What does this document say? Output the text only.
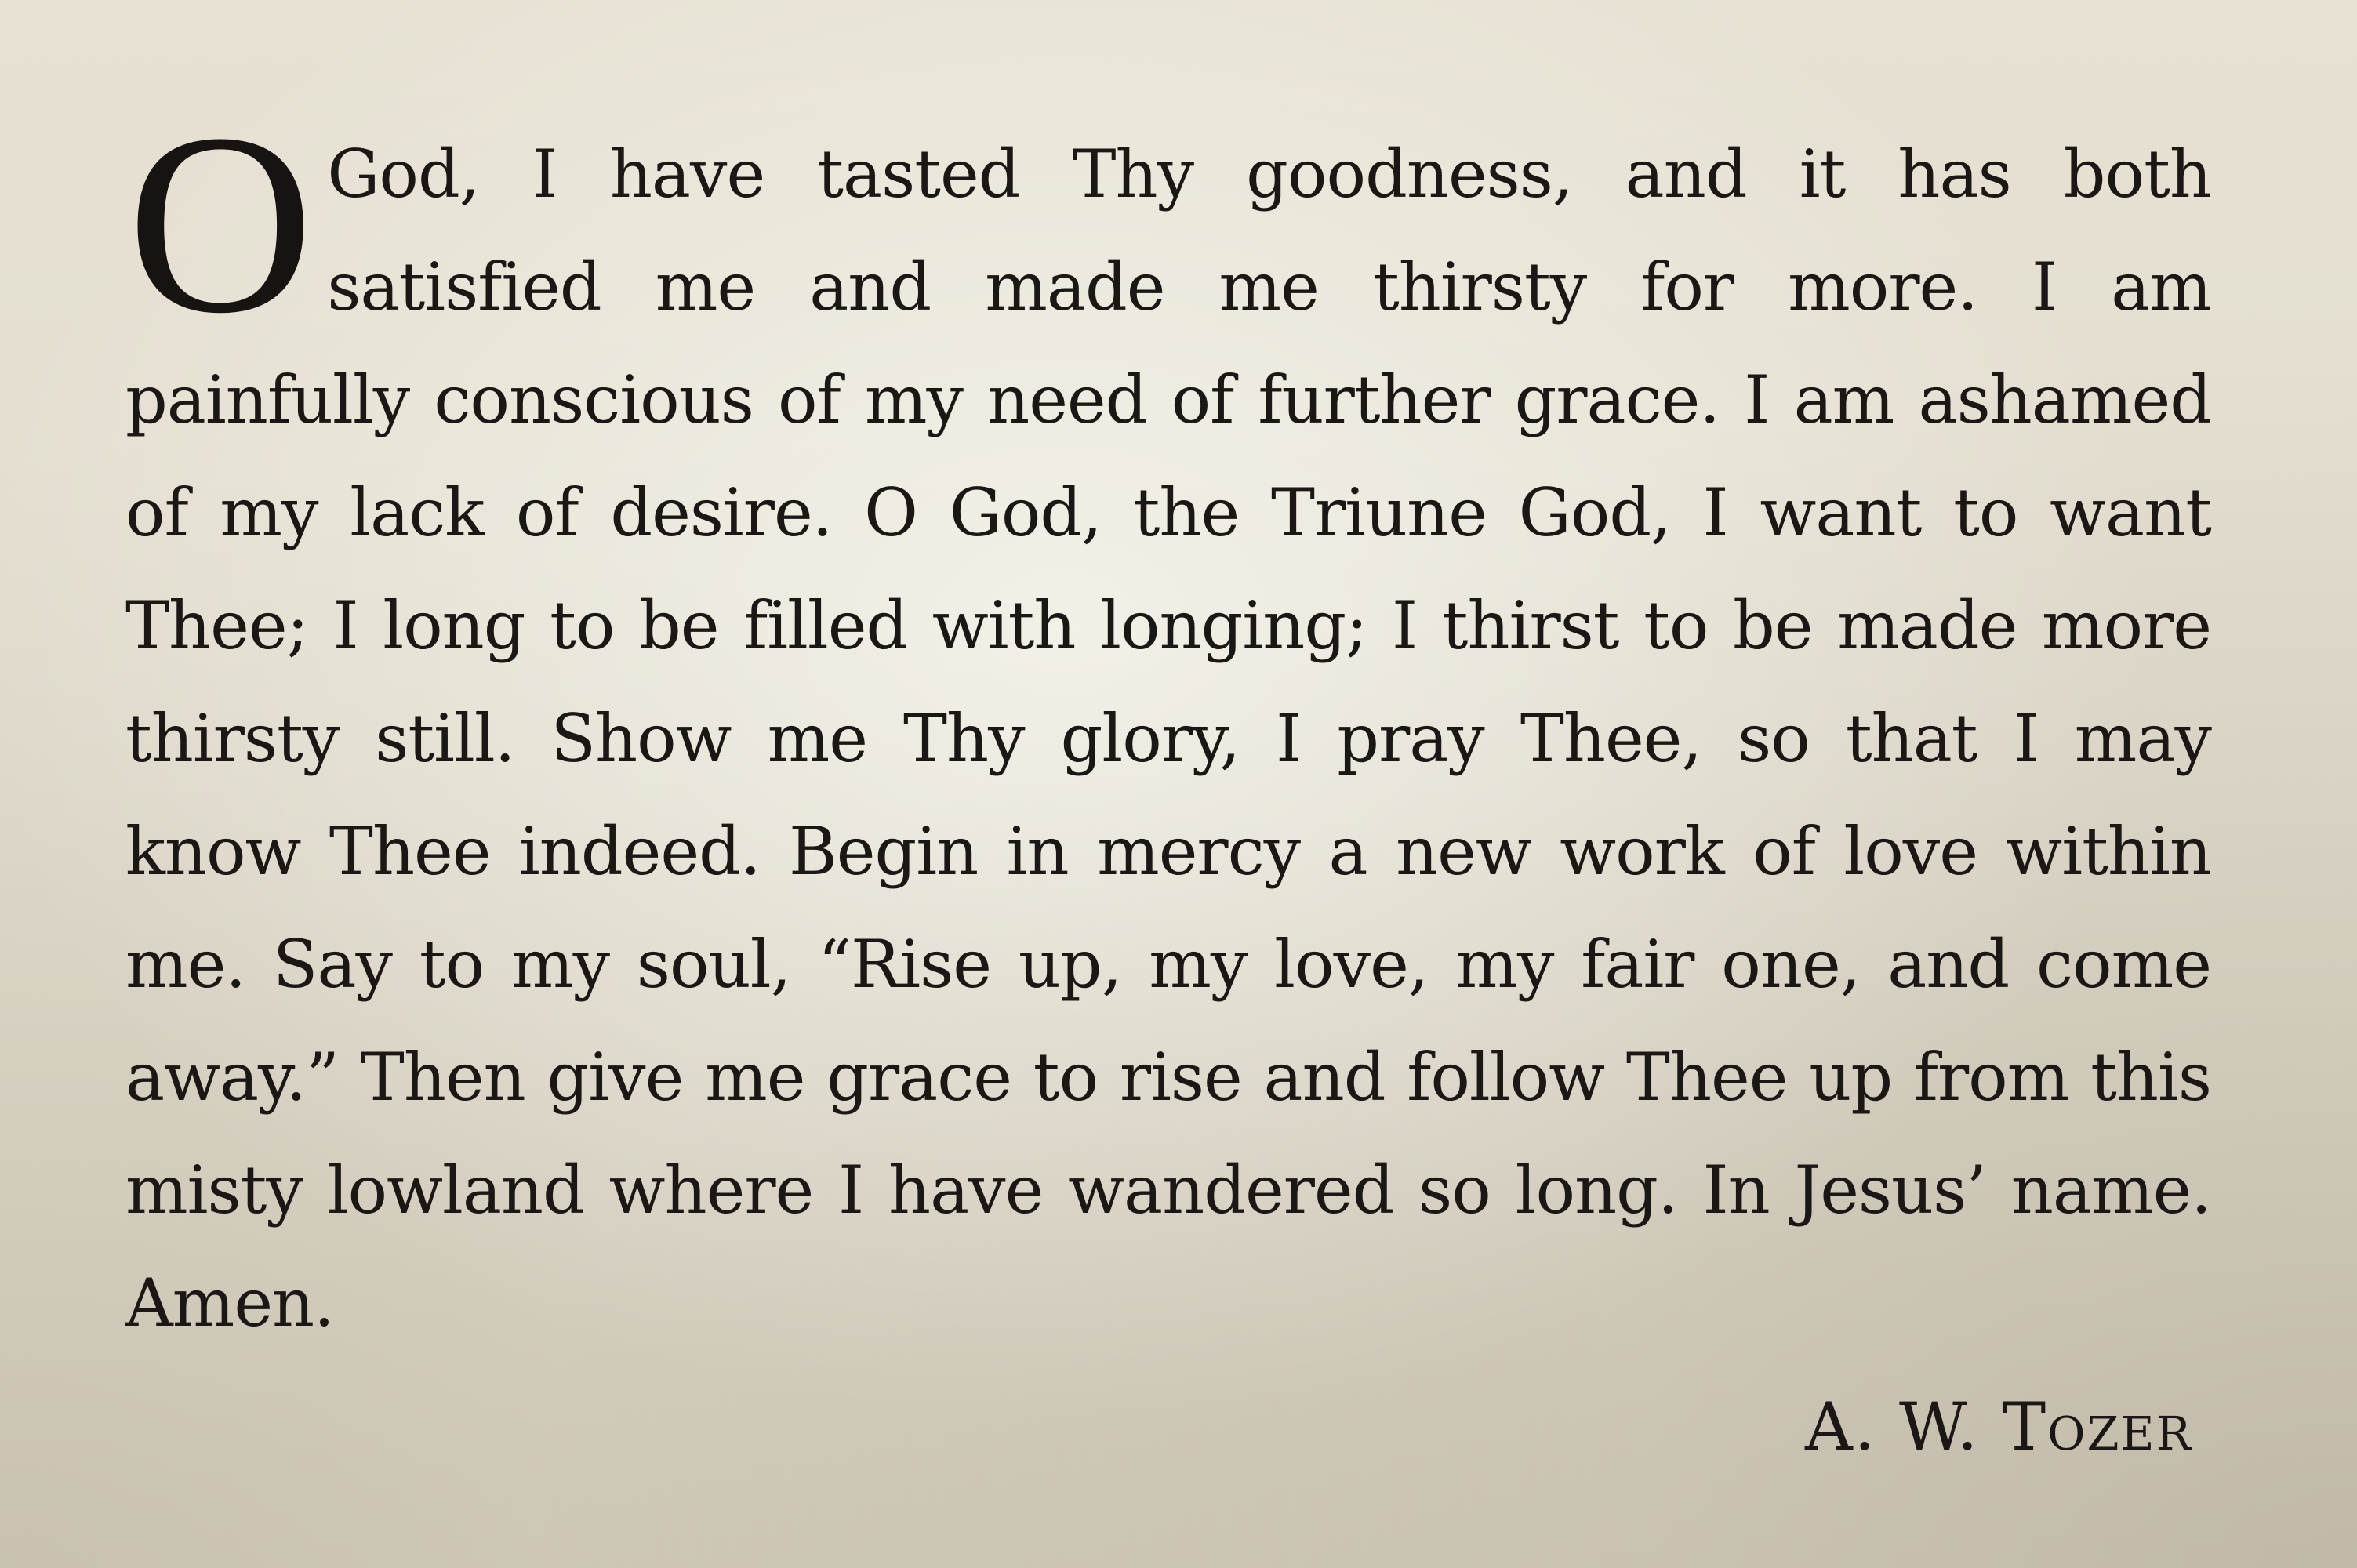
O God, I have tasted Thy goodness, and it has both satisfied me and made me thirsty for more. I am painfully conscious of my need of further grace. I am ashamed of my lack of desire. O God, the Triune God, I want to want Thee; I long to be filled with longing; I thirst to be made more thirsty still. Show me Thy glory, I pray Thee, so that I may know Thee indeed. Begin in mercy a new work of love within me. Say to my soul, “Rise up, my love, my fair one, and come away.” Then give me grace to rise and follow Thee up from this misty lowland where I have wandered so long. In Jesus’ name. Amen.

A. W. Tozer
